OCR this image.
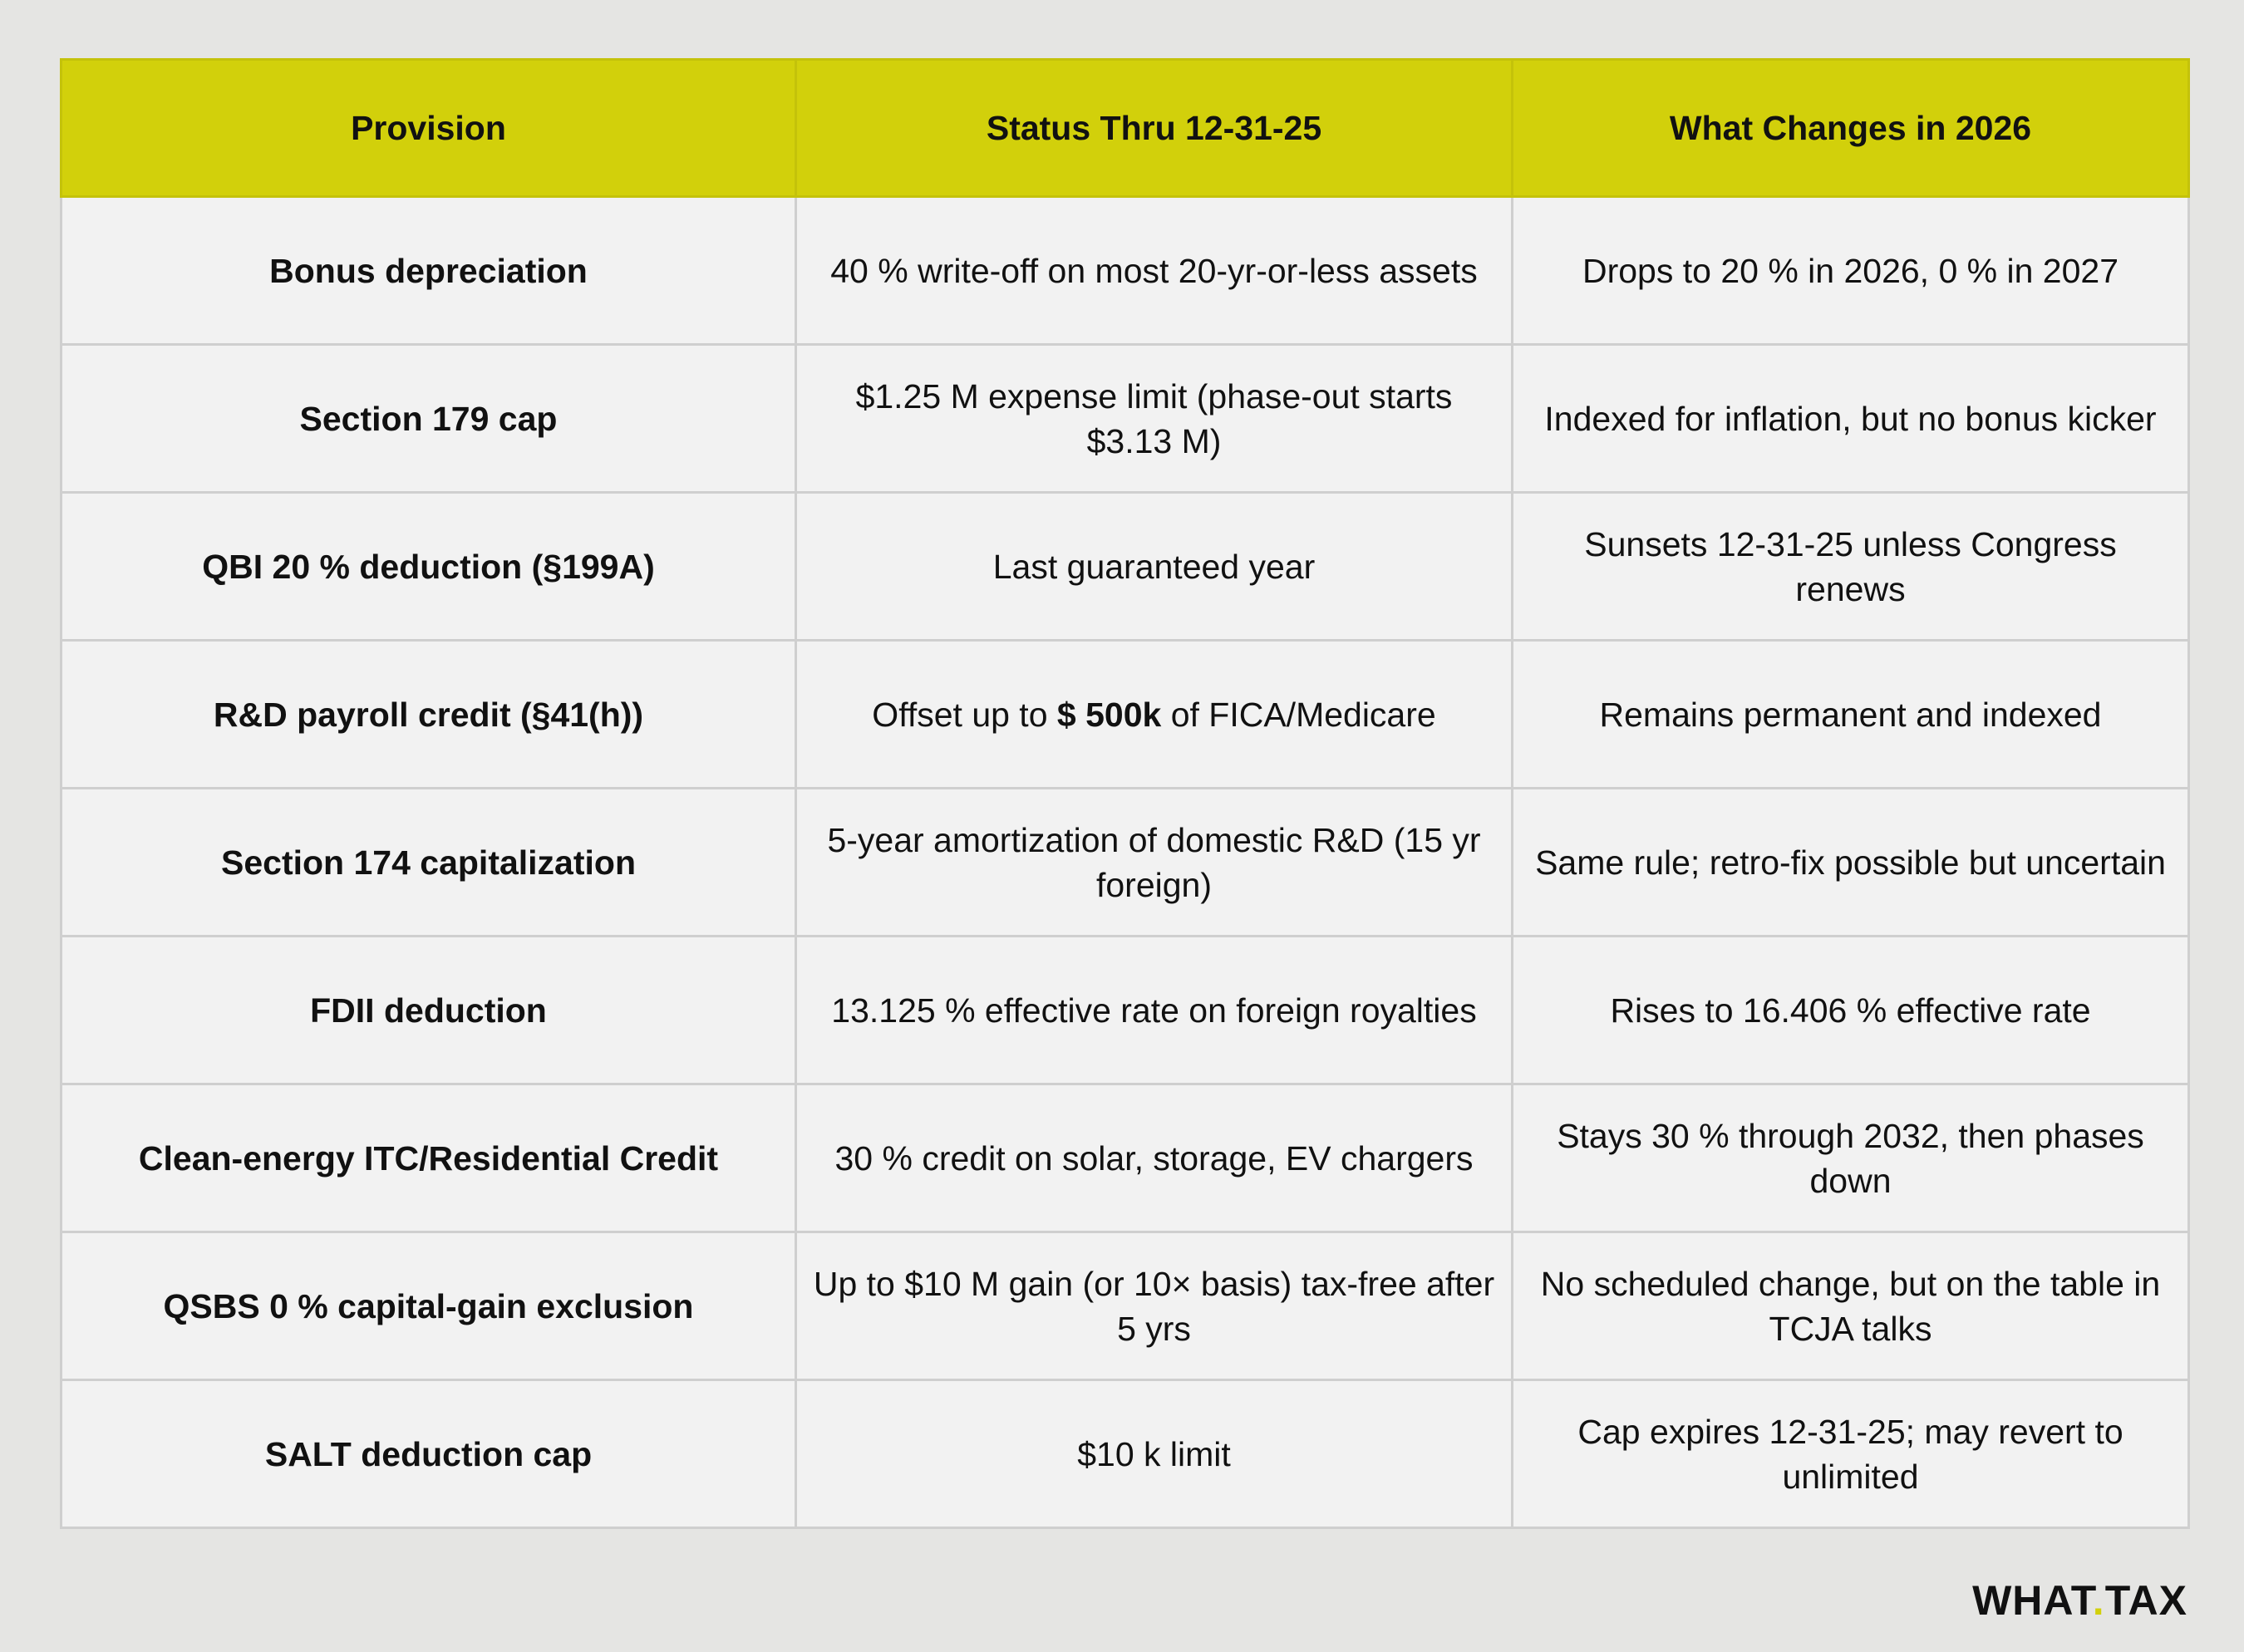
Provision	Status Thru 12-31-25	What Changes in 2026
Bonus depreciation	40 % write-off on most 20-yr-or-less assets	Drops to 20 % in 2026, 0 % in 2027
Section 179 cap	$1.25 M expense limit (phase-out starts $3.13 M)	Indexed for inflation, but no bonus kicker
QBI 20 % deduction (§199A)	Last guaranteed year	Sunsets 12-31-25 unless Congress renews
R&D payroll credit (§41(h))	Offset up to $ 500k of FICA/Medicare	Remains permanent and indexed
Section 174 capitalization	5-year amortization of domestic R&D (15 yr foreign)	Same rule; retro-fix possible but uncertain
FDII deduction	13.125 % effective rate on foreign royalties	Rises to 16.406 % effective rate
Clean-energy ITC/Residential Credit	30 % credit on solar, storage, EV chargers	Stays 30 % through 2032, then phases down
QSBS 0 % capital-gain exclusion	Up to $10 M gain (or 10× basis) tax-free after 5 yrs	No scheduled change, but on the table in TCJA talks
SALT deduction cap	$10 k limit	Cap expires 12-31-25; may revert to unlimited
WHAT.TAX
